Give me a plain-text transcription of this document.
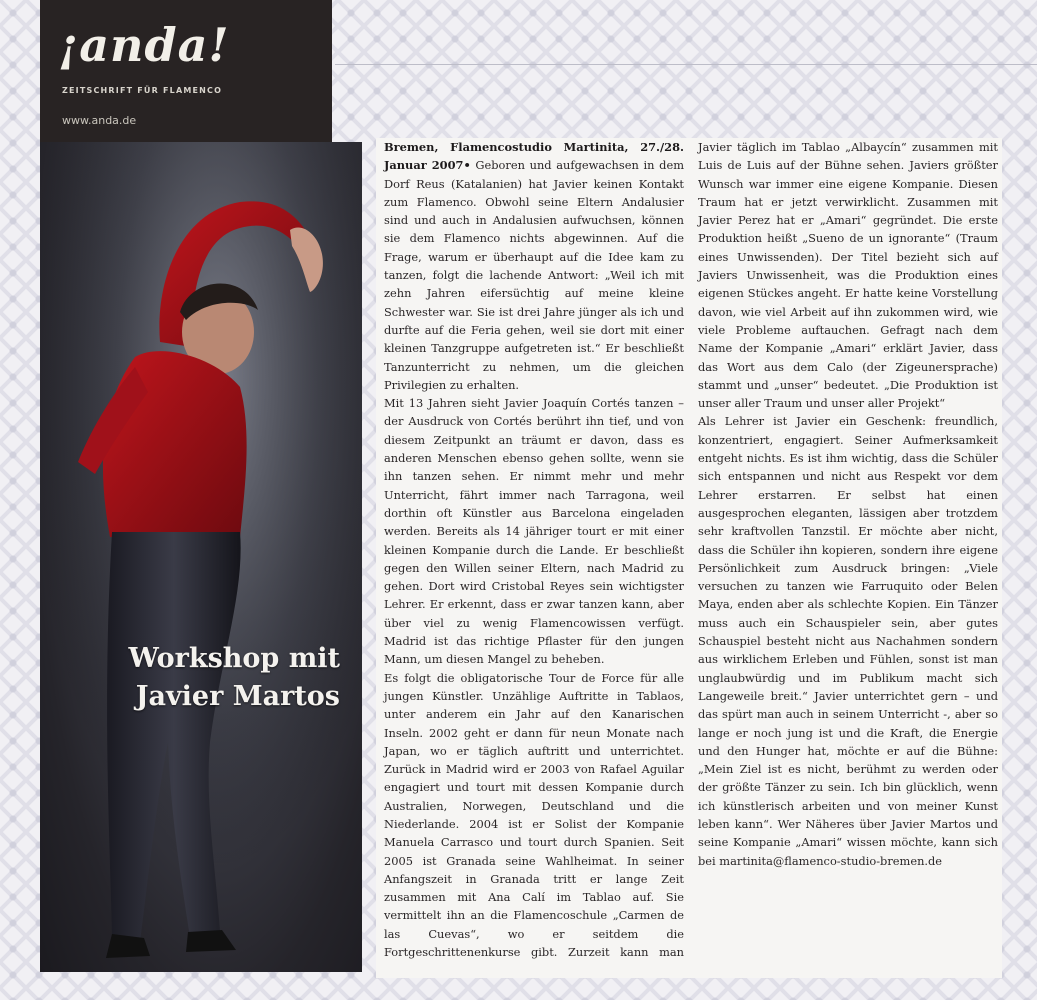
¡anda!
ZEITSCHRIFT FÜR FLAMENCO
www.anda.de
Workshop mit
Javier Martos

Bremen, Flamencostudio Martinita, 27./28. Januar 2007• Geboren und aufgewachsen in dem Dorf Reus (Katalanien) hat Javier keinen Kontakt zum Flamenco. Obwohl seine Eltern Andalusier sind und auch in Andalusien aufwuchsen, können sie dem Flamenco nichts abgewinnen. Auf die Frage, warum er überhaupt auf die Idee kam zu tanzen, folgt die lachende Antwort: „Weil ich mit zehn Jahren eifersüchtig auf meine kleine Schwester war. Sie ist drei Jahre jünger als ich und durfte auf die Feria gehen, weil sie dort mit einer kleinen Tanzgruppe aufgetreten ist.“ Er beschließt Tanzunterricht zu nehmen, um die gleichen Privilegien zu erhalten.

Mit 13 Jahren sieht Javier Joaquín Cortés tanzen – der Ausdruck von Cortés berührt ihn tief, und von diesem Zeitpunkt an träumt er davon, dass es anderen Menschen ebenso gehen sollte, wenn sie ihn tanzen sehen. Er nimmt mehr und mehr Unterricht, fährt immer nach Tarragona, weil dorthin oft Künstler aus Barcelona eingeladen werden. Bereits als 14 jähriger tourt er mit einer kleinen Kompanie durch die Lande. Er beschließt gegen den Willen seiner Eltern, nach Madrid zu gehen. Dort wird Cristobal Reyes sein wichtigster Lehrer. Er erkennt, dass er zwar tanzen kann, aber über viel zu wenig Flamencowissen verfügt. Madrid ist das richtige Pflaster für den jungen Mann, um diesen Mangel zu beheben.

Es folgt die obligatorische Tour de Force für alle jungen Künstler. Unzählige Auftritte in Tablaos, unter anderem ein Jahr auf den Kanarischen Inseln. 2002 geht er dann für neun Monate nach Japan, wo er täglich auftritt und unterrichtet. Zurück in Madrid wird er 2003 von Rafael Aguilar engagiert und tourt mit dessen Kompanie durch Australien, Norwegen, Deutschland und die Niederlande. 2004 ist er Solist der Kompanie Manuela Carrasco und tourt durch Spanien. Seit 2005 ist Granada seine Wahlheimat. In seiner Anfangszeit in Granada tritt er lange Zeit zusammen mit Ana Calí im Tablao auf. Sie vermittelt ihn an die Flamencoschule „Carmen de las Cuevas“, wo er seitdem die Fortgeschrittenenkurse gibt. Zurzeit kann man Javier täglich im Tablao „Albaycín“ zusammen mit Luis de Luis auf der Bühne sehen. Javiers größter Wunsch war immer eine eigene Kompanie. Diesen Traum hat er jetzt verwirklicht. Zusammen mit Javier Perez hat er „Amari“ gegründet. Die erste Produktion heißt „Sueno de un ignorante“ (Traum eines Unwissenden). Der Titel bezieht sich auf Javiers Unwissenheit, was die Produktion eines eigenen Stückes angeht. Er hatte keine Vorstellung davon, wie viel Arbeit auf ihn zukommen wird, wie viele Probleme auftauchen. Gefragt nach dem Name der Kompanie „Amari“ erklärt Javier, dass das Wort aus dem Calo (der Zigeunersprache) stammt und „unser“ bedeutet. „Die Produktion ist unser aller Traum und unser aller Projekt“

Als Lehrer ist Javier ein Geschenk: freundlich, konzentriert, engagiert. Seiner Aufmerksamkeit entgeht nichts. Es ist ihm wichtig, dass die Schüler sich entspannen und nicht aus Respekt vor dem Lehrer erstarren. Er selbst hat einen ausgesprochen eleganten, lässigen aber trotzdem sehr kraftvollen Tanzstil. Er möchte aber nicht, dass die Schüler ihn kopieren, sondern ihre eigene Persönlichkeit zum Ausdruck bringen: „Viele versuchen zu tanzen wie Farruquito oder Belen Maya, enden aber als schlechte Kopien. Ein Tänzer muss auch ein Schauspieler sein, aber gutes Schauspiel besteht nicht aus Nachahmen sondern aus wirklichem Erleben und Fühlen, sonst ist man unglaubwürdig und im Publikum macht sich Langeweile breit.“ Javier unterrichtet gern – und das spürt man auch in seinem Unterricht -, aber so lange er noch jung ist und die Kraft, die Energie und den Hunger hat, möchte er auf die Bühne: „Mein Ziel ist es nicht, berühmt zu werden oder der größte Tänzer zu sein. Ich bin glücklich, wenn ich künstlerisch arbeiten und von meiner Kunst leben kann“. Wer Näheres über Javier Martos und seine Kompanie „Amari“ wissen möchte, kann sich bei martinita@flamenco-studio-bremen.de
